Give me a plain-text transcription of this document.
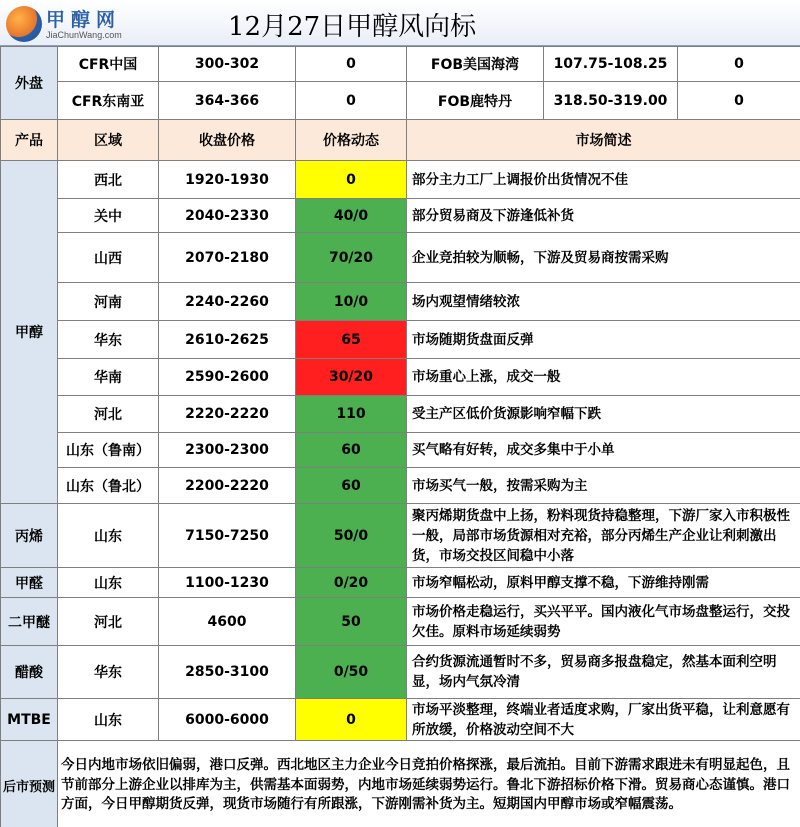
甲醇网
JiaChunWang.com	12月27日甲醇风向标
外盘	CFR中国	300-302	0	FOB美国海湾	107.75-108.25	0
	CFR东南亚	364-366	0	FOB鹿特丹	318.50-319.00	0
产品	区域	收盘价格	价格动态	市场简述		
甲醇	西北	1920-1930	0	部分主力工厂上调报价出货情况不佳		
	关中	2040-2330	40/0	部分贸易商及下游逢低补货		
	山西	2070-2180	70/20	企业竞拍较为顺畅，下游及贸易商按需采购		
	河南	2240-2260	10/0	场内观望情绪较浓		
	华东	2610-2625	65	市场随期货盘面反弹		
	华南	2590-2600	30/20	市场重心上涨，成交一般		
	河北	2220-2220	110	受主产区低价货源影响窄幅下跌		
	山东（鲁南）	2300-2300	60	买气略有好转，成交多集中于小单		
	山东（鲁北）	2200-2220	60	市场买气一般，按需采购为主		
丙烯	山东	7150-7250	50/0	聚丙烯期货盘中上扬，粉料现货持稳整理，下游厂家入市积极性一般，局部市场货源相对充裕，部分丙烯生产企业让利刺激出货，市场交投区间稳中小落		
甲醛	山东	1100-1230	0/20	市场窄幅松动，原料甲醇支撑不稳，下游维持刚需		
二甲醚	河北	4600	50	市场价格走稳运行，买兴平平。国内液化气市场盘整运行，交投欠佳。原料市场延续弱势		
醋酸	华东	2850-3100	0/50	合约货源流通暂时不多，贸易商多报盘稳定，然基本面利空明显，场内气氛冷清		
MTBE	山东	6000-6000	0	市场平淡整理，终端业者适度求购，厂家出货平稳，让利意愿有所放缓，价格波动空间不大		
后市预测	今日内地市场依旧偏弱，港口反弹。西北地区主力企业今日竞拍价格探涨，最后流拍。目前下游需求跟进未有明显起色，且节前部分上游企业以排库为主，供需基本面弱势，内地市场延续弱势运行。鲁北下游招标价格下滑。贸易商心态谨慎。港口方面，今日甲醇期货反弹，现货市场随行有所跟涨，下游刚需补货为主。短期国内甲醇市场或窄幅震荡。					
